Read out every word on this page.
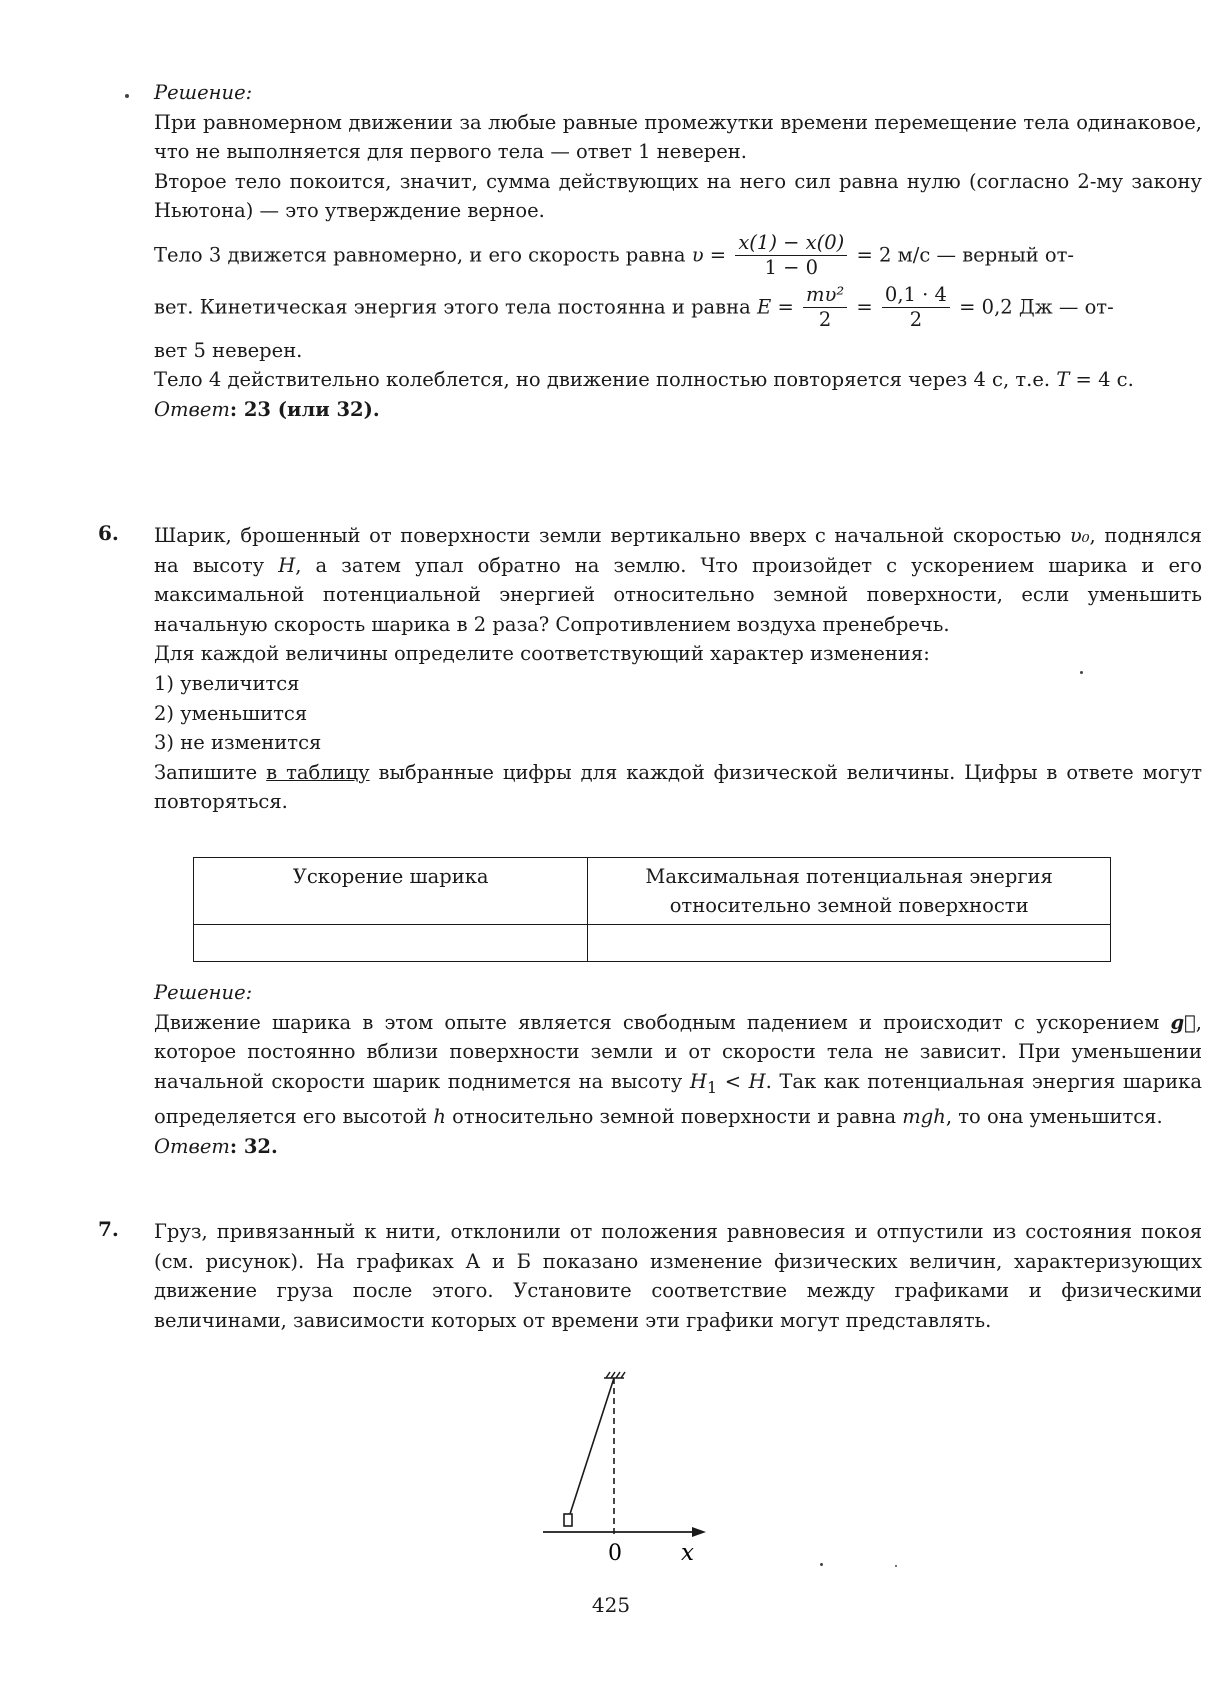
Решение:

При равномерном движении за любые равные промежутки времени перемещение тела одинаковое, что не выполняется для первого тела — ответ 1 неверен.

Второе тело покоится, значит, сумма действующих на него сил равна нулю (согласно 2-му закону Ньютона) — это утверждение верное.

Тело 3 движется равномерно, и его скорость равна $\upsilon = \frac{x(1) - x(0)}{1 - 0} = 2$ м/с — верный от-

вет. Кинетическая энергия этого тела постоянна и равна $E = \frac{\text{mυ²}}{2} = \frac{0,1 \cdot 4}{2} = 0,2$ Дж — от-

вет 5 неверен.

Тело 4 действительно колеблется, но движение полностью повторяется через 4 с, т.е. T = 4 с.

Ответ: 23 (или 32).

6. Шарик, брошенный от поверхности земли вертикально вверх с начальной скоростью υ₀, поднялся на высоту H, а затем упал обратно на землю. Что произойдет с ускорением шарика и его максимальной потенциальной энергией относительно земной поверхности, если уменьшить начальную скорость шарика в 2 раза? Сопротивлением воздуха пренебречь.

Для каждой величины определите соответствующий характер изменения:

1) увеличится

2) уменьшится

3) не изменится

Запишите в таблицу выбранные цифры для каждой физической величины. Цифры в ответе могут повторяться.

Ускорение шарика	Максимальная потенциальная энергия относительно земной поверхности

Решение:

Движение шарика в этом опыте является свободным падением и происходит с ускорением g⃗, которое постоянно вблизи поверхности земли и от скорости тела не зависит. При уменьшении начальной скорости шарик поднимется на высоту $H_1 < H$. Так как потенциальная энергия шарика определяется его высотой h относительно земной поверхности и равна mgh, то она уменьшится.

Ответ: 32.

7. Груз, привязанный к нити, отклонили от положения равновесия и отпустили из состояния покоя (см. рисунок). На графиках А и Б показано изменение физических величин, характеризующих движение груза после этого. Установите соответствие между графиками и физическими величинами, зависимости которых от времени эти графики могут представлять.

0	x
425
